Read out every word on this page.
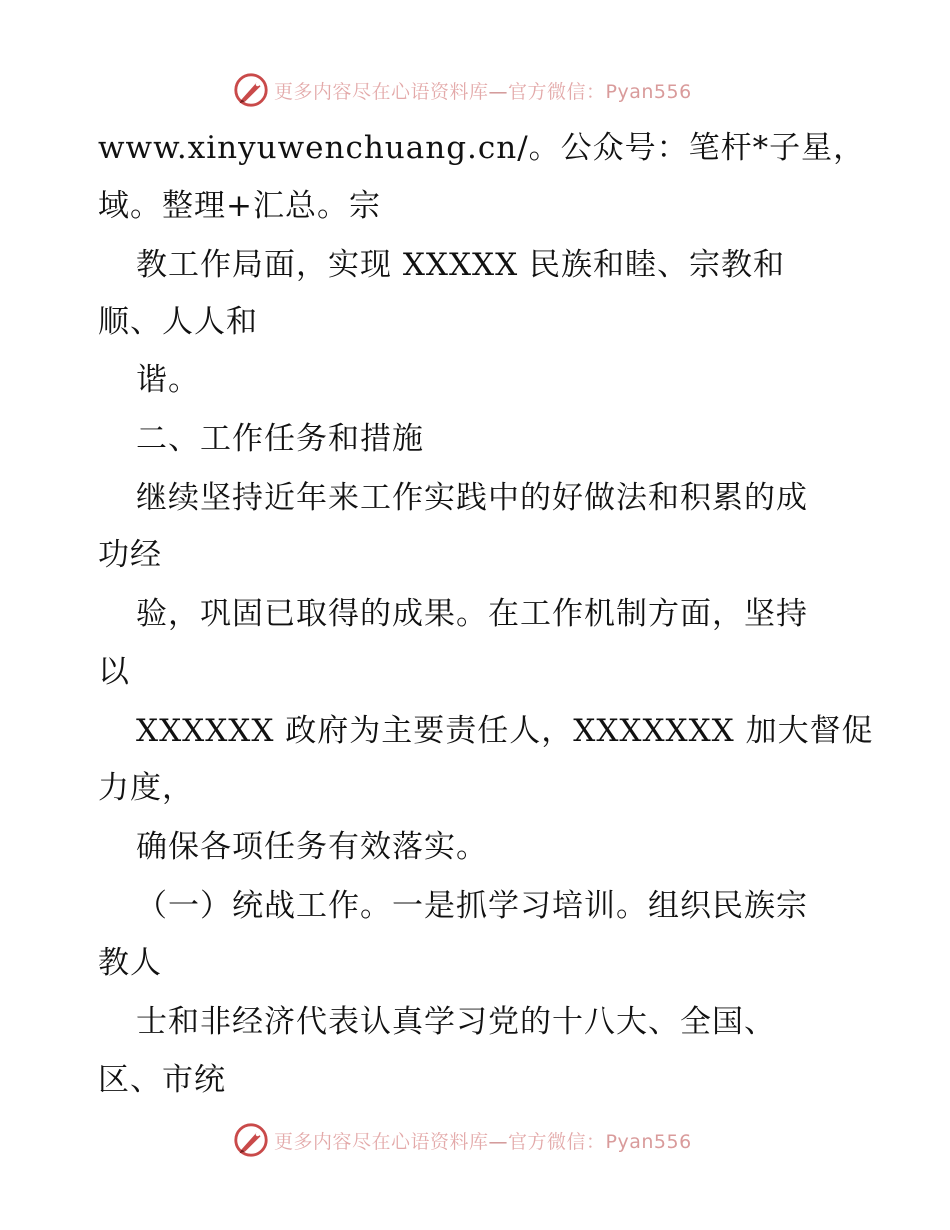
更多内容尽在心语资料库—官方微信：Pyan556
www.xinyuwenchuang.cn/。公众号：笔杆*子星，
域。整理+汇总。宗
教工作局面，实现 XXXXX 民族和睦、宗教和
顺、人人和
谐。
二、工作任务和措施
继续坚持近年来工作实践中的好做法和积累的成
功经
验，巩固已取得的成果。在工作机制方面，坚持
以
XXXXXX 政府为主要责任人，XXXXXXX 加大督促
力度，
确保各项任务有效落实。
（一）统战工作。一是抓学习培训。组织民族宗
教人
士和非经济代表认真学习党的十八大、全国、
区、市统
更多内容尽在心语资料库—官方微信：Pyan556
